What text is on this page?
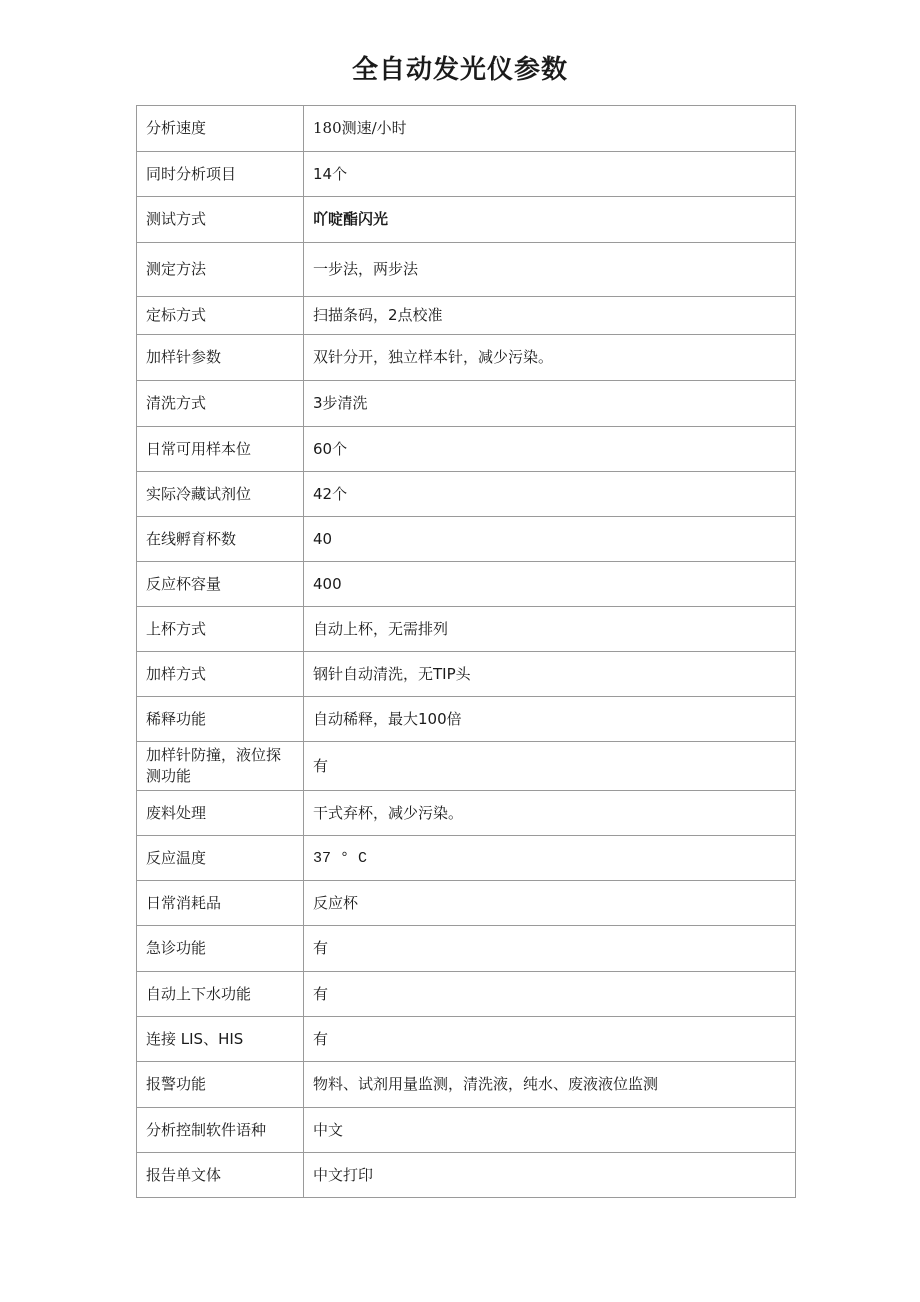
全自动发光仪参数
分析速度	180测速/小时
同时分析项目	14个
测试方式	吖啶酯闪光
测定方法	一步法，两步法
定标方式	扫描条码，2点校准
加样针参数	双针分开，独立样本针，减少污染。
清洗方式	3步清洗
日常可用样本位	60个
实际冷藏试剂位	42个
在线孵育杯数	40
反应杯容量	400
上杯方式	自动上杯，无需排列
加样方式	钢针自动清洗，无TIP头
稀释功能	自动稀释，最大100倍
加样针防撞，液位探测功能	有
废料处理	干式弃杯，减少污染。
反应温度	37 ° C
日常消耗品	反应杯
急诊功能	有
自动上下水功能	有
连接 LIS、HIS	有
报警功能	物料、试剂用量监测，清洗液，纯水、废液液位监测
分析控制软件语种	中文
报告单文体	中文打印
